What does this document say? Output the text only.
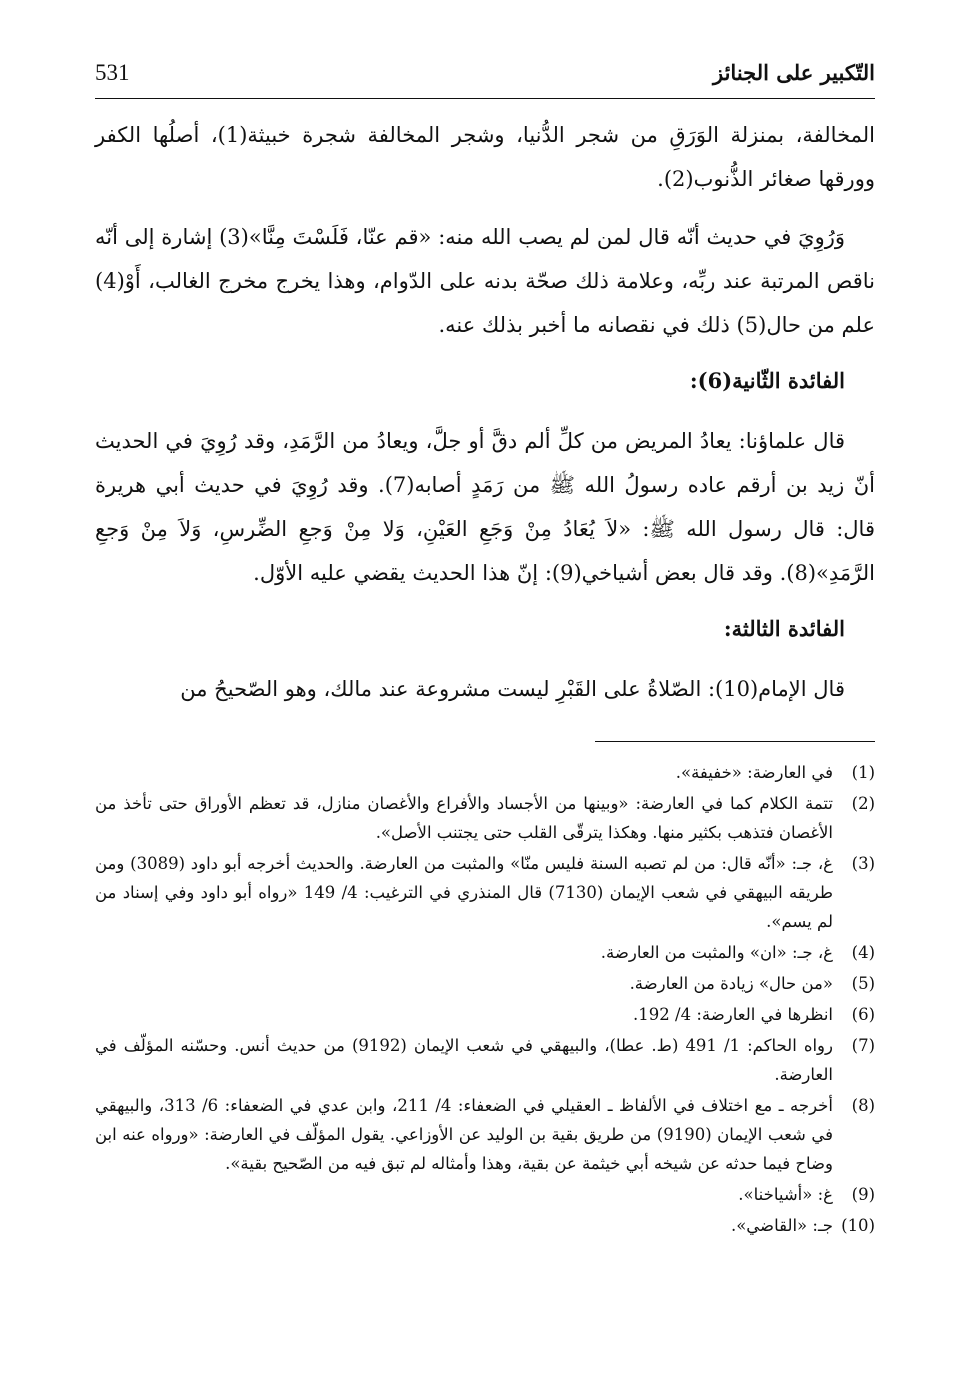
التّكبير على الجنائز
531

المخالفة، بمنزلة الوَرَقِ من شجر الدُّنيا، وشجر المخالفة شجرة خبيثة(1)، أصلُها الكفر وورقها صغائر الذُّنوب(2).

وَرُوِيَ في حديث أنّه قال لمن لم يصب الله منه: «قم عنّا، فَلَسْتَ مِنَّا»(3) إشارة إلى أنّه ناقص المرتبة عند ربِّه، وعلامة ذلك صحّة بدنه على الدّوام، وهذا يخرج مخرج الغالب، أَوْ(4) علم من حال(5) ذلك في نقصانه ما أخبر بذلك عنه.

الفائدة الثّانية(6):

قال علماؤنا: يعادُ المريض من كلِّ ألم دقَّ أو جلَّ، ويعادُ من الرَّمَدِ، وقد رُوِيَ في الحديث أنّ زيد بن أرقم عاده رسولُ الله ﷺ من رَمَدٍ أصابه(7). وقد رُوِيَ في حديث أبي هريرة قال: قال رسول الله ﷺ: «لاَ يُعَادُ مِنْ وَجَعِ العَيْنِ، وَلا مِنْ وَجعِ الضِّرسِ، وَلاَ مِنْ وَجعِ الرَّمَدِ»(8). وقد قال بعض أشياخي(9): إنّ هذا الحديث يقضي عليه الأوّل.

الفائدة الثالثة:

قال الإمام(10): الصّلاةُ على القَبْرِ ليست مشروعة عند مالك، وهو الصّحيحُ من

(1)
في العارضة: «خفيفة».
(2)
تتمة الكلام كما في العارضة: «وبينها من الأجساد والأفراع والأغصان منازل، قد تعظم الأوراق حتى تأخذ من الأغصان فتذهب بكثير منها. وهكذا يترقّى القلب حتى يجتنب الأصل».
(3)
غ، جـ: «أنّه قال: من لم تصبه السنة فليس منّا» والمثبت من العارضة. والحديث أخرجه أبو داود (3089) ومن طريقه البيهقي في شعب الإيمان (7130) قال المنذري في الترغيب: 4/ 149 «رواه أبو داود وفي إسناد من لم يسم».
(4)
غ، جـ: «ان» والمثبت من العارضة.
(5)
«من حال» زيادة من العارضة.
(6)
انظرها في العارضة: 4/ 192.
(7)
رواه الحاكم: 1/ 491 (ط. عطا)، والبيهقي في شعب الإيمان (9192) من حديث أنس. وحسّنه المؤلّف في العارضة.
(8)
أخرجه ـ مع اختلاف في الألفاظ ـ العقيلي في الضعفاء: 4/ 211، وابن عدي في الضعفاء: 6/ 313، والبيهقي في شعب الإيمان (9190) من طريق بقية بن الوليد عن الأوزاعي. يقول المؤلّف في العارضة: «ورواه عنه ابن وضاح فيما حدثه عن شيخه أبي خيثمة عن بقية، وهذا وأمثاله لم تبق فيه من الصّحيح بقية».
(9)
غ: «أشياخنا».
(10)
جـ: «القاضي».
